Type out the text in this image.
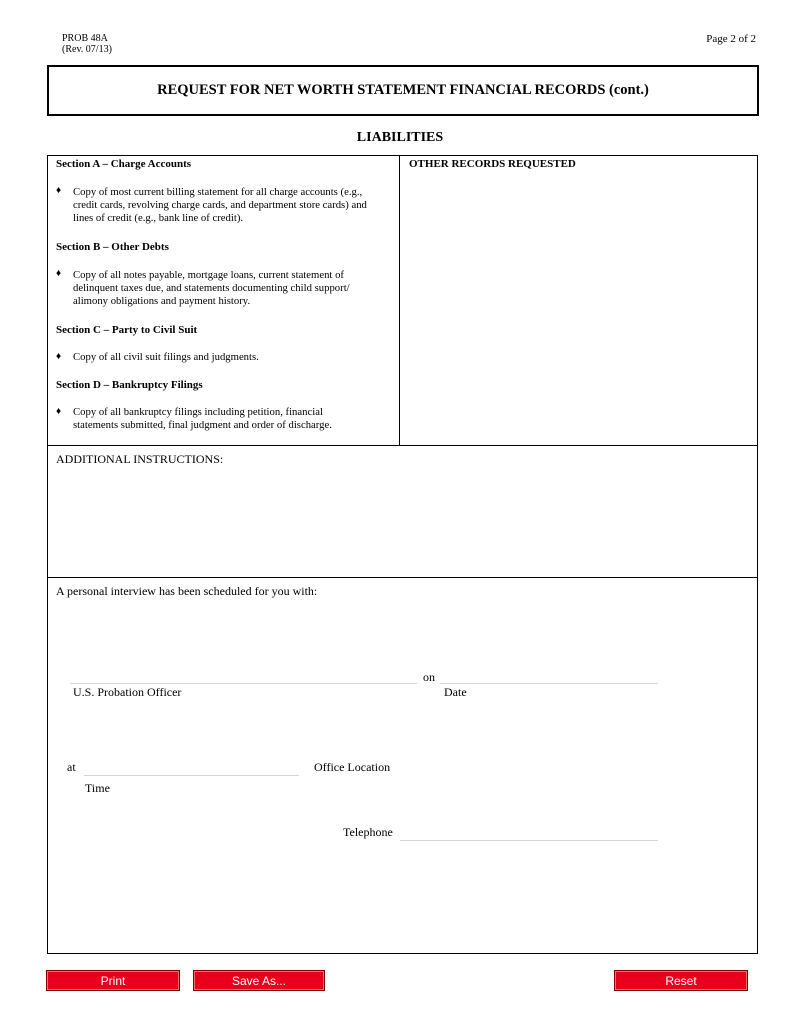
PROB 48A
(Rev. 07/13)
Page 2 of 2
REQUEST FOR NET WORTH STATEMENT FINANCIAL RECORDS (cont.)
LIABILITIES
Section A – Charge Accounts
♦ Copy of most current billing statement for all charge accounts (e.g.,
credit cards, revolving charge cards, and department store cards) and
lines of credit (e.g., bank line of credit).
Section B – Other Debts
♦ Copy of all notes payable, mortgage loans, current statement of
delinquent taxes due, and statements documenting child support/
alimony obligations and payment history.
Section C – Party to Civil Suit
♦ Copy of all civil suit filings and judgments.
Section D – Bankruptcy Filings
♦ Copy of all bankruptcy filings including petition, financial
statements submitted, final judgment and order of discharge.
OTHER RECORDS REQUESTED
ADDITIONAL INSTRUCTIONS:
A personal interview has been scheduled for you with:
on
U.S. Probation Officer	Date
at	Office Location
Time
Telephone
Print	Save As...	Reset
